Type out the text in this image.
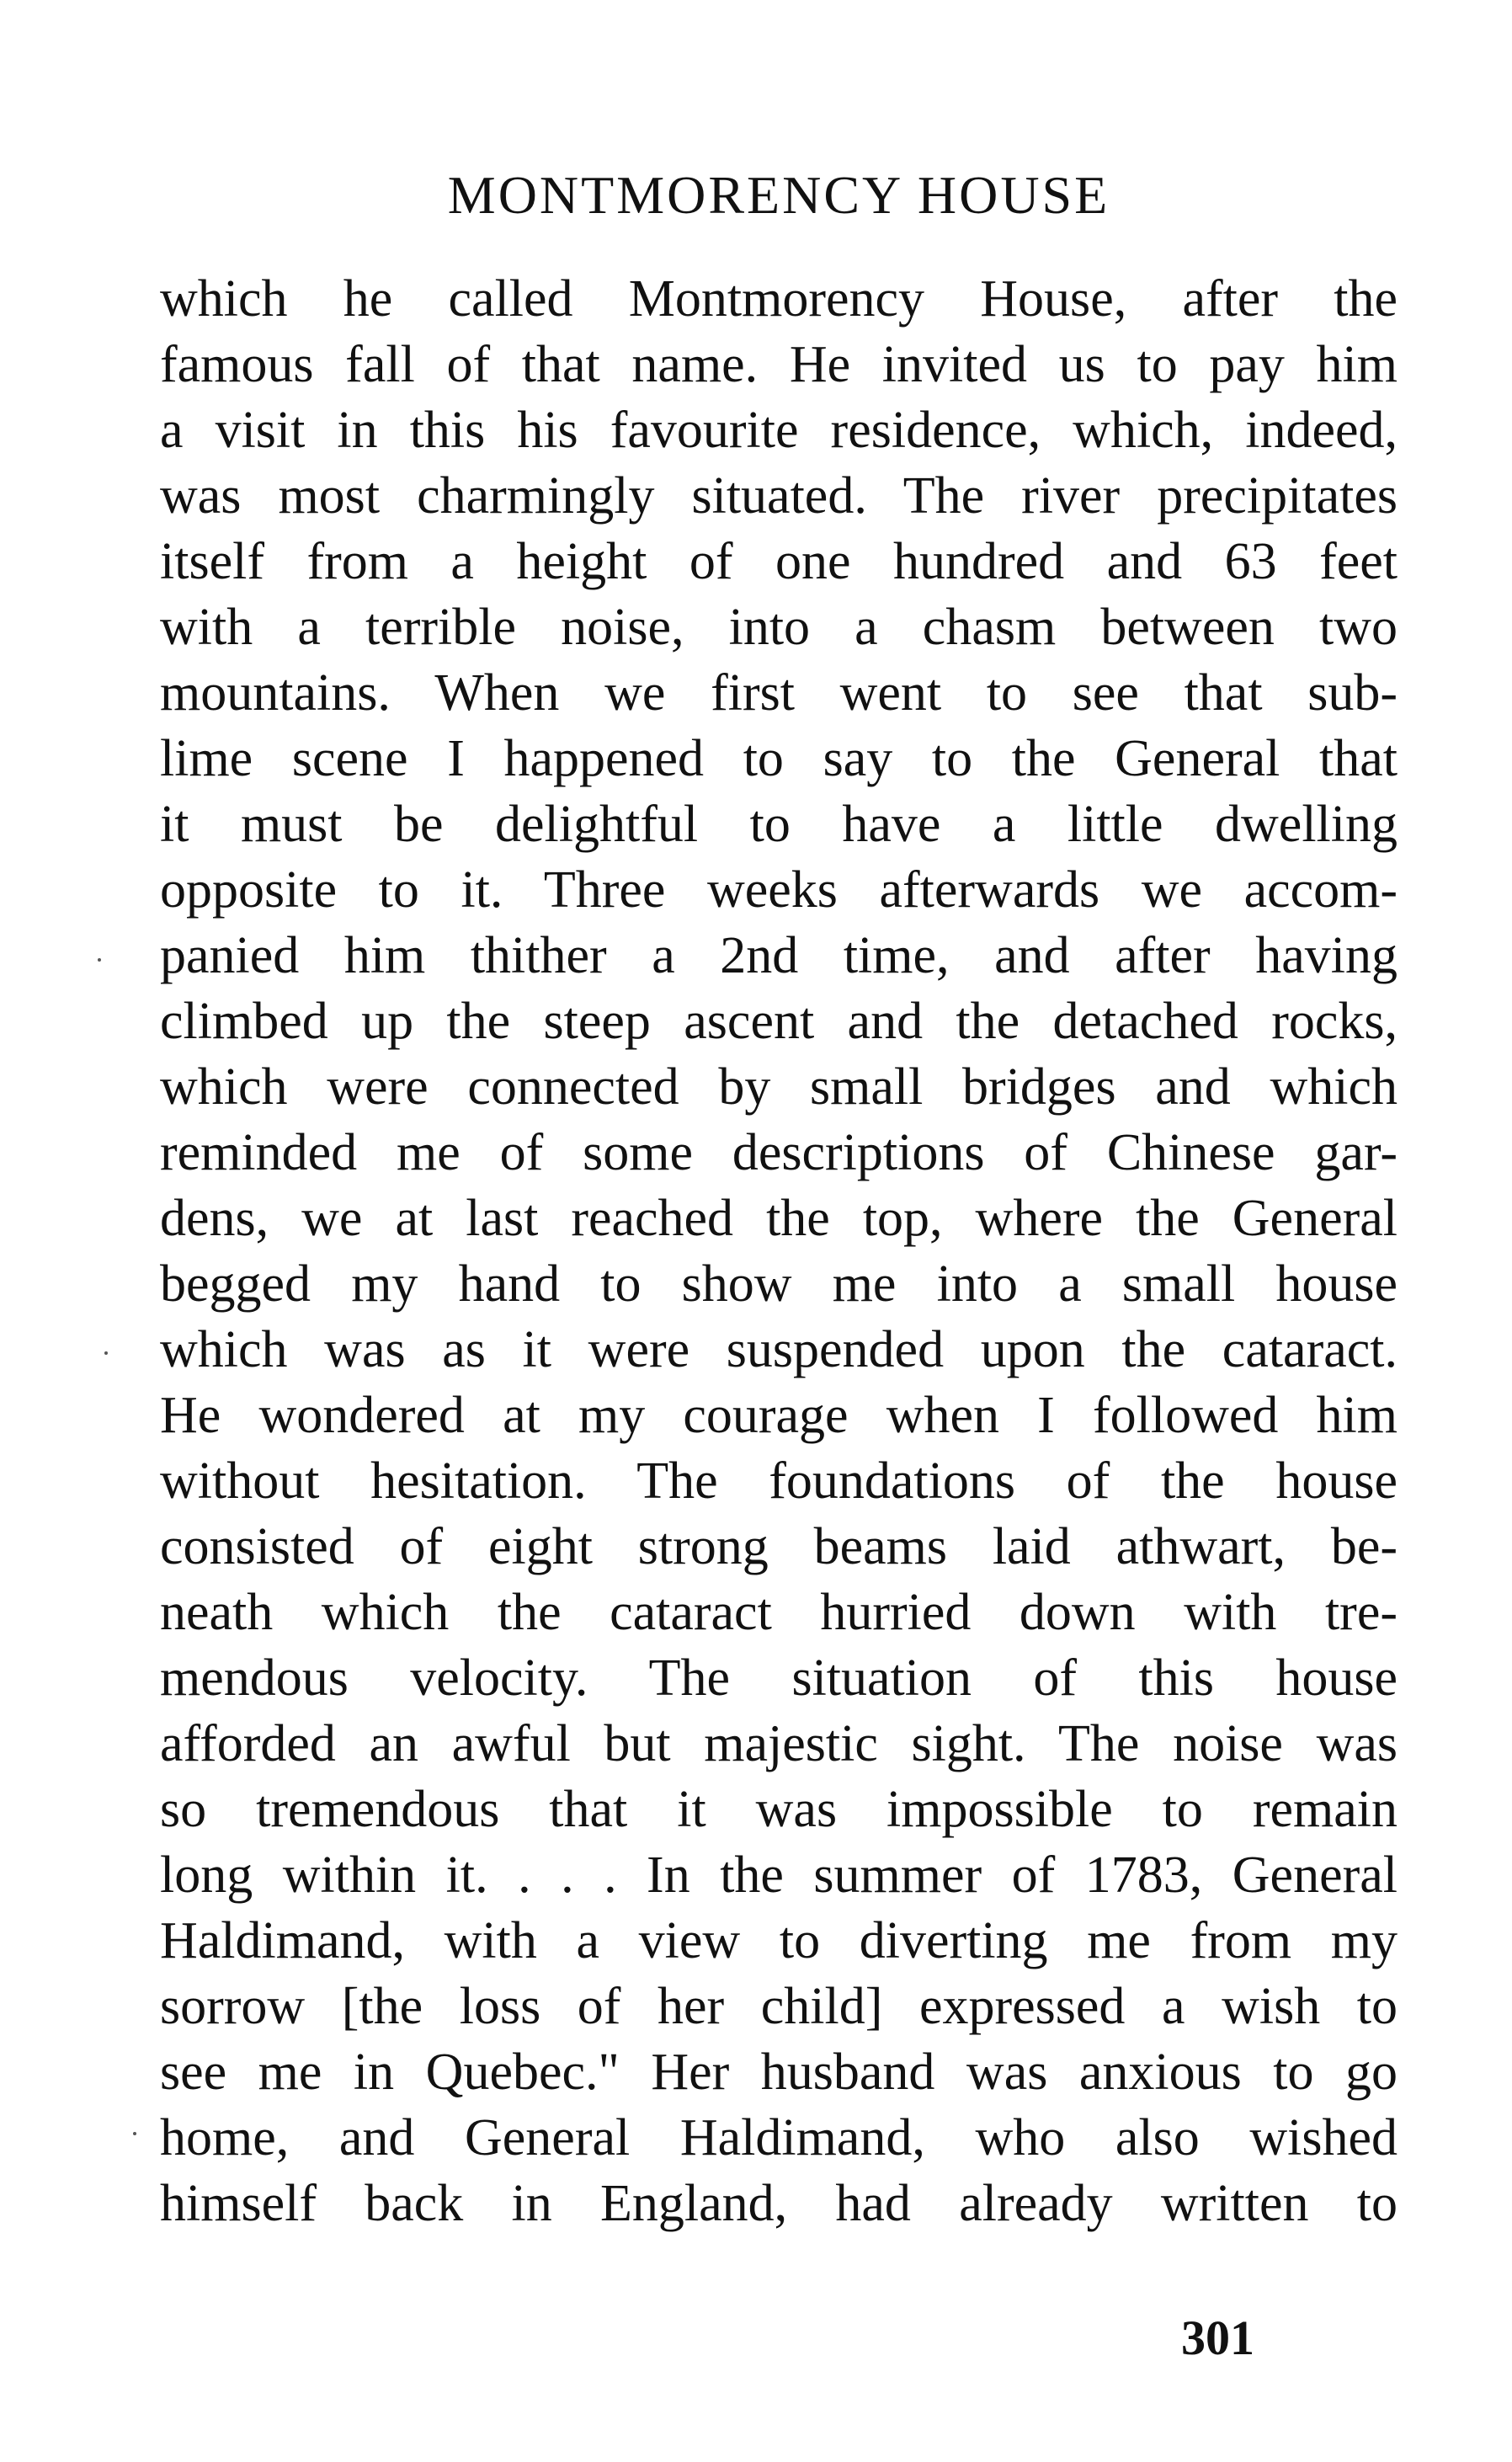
MONTMORENCY HOUSE
which he called Montmorency House, after the
famous fall of that name. He invited us to pay him
a visit in this his favourite residence, which, indeed,
was most charmingly situated. The river precipitates
itself from a height of one hundred and 63 feet
with a terrible noise, into a chasm between two
mountains. When we first went to see that sub-
lime scene I happened to say to the General that
it must be delightful to have a little dwelling
opposite to it. Three weeks afterwards we accom-
panied him thither a 2nd time, and after having
climbed up the steep ascent and the detached rocks,
which were connected by small bridges and which
reminded me of some descriptions of Chinese gar-
dens, we at last reached the top, where the General
begged my hand to show me into a small house
which was as it were suspended upon the cataract.
He wondered at my courage when I followed him
without hesitation. The foundations of the house
consisted of eight strong beams laid athwart, be-
neath which the cataract hurried down with tre-
mendous velocity. The situation of this house
afforded an awful but majestic sight. The noise was
so tremendous that it was impossible to remain
long within it. . . . In the summer of 1783, General
Haldimand, with a view to diverting me from my
sorrow [the loss of her child] expressed a wish to
see me in Quebec." Her husband was anxious to go
home, and General Haldimand, who also wished
himself back in England, had already written to
301
